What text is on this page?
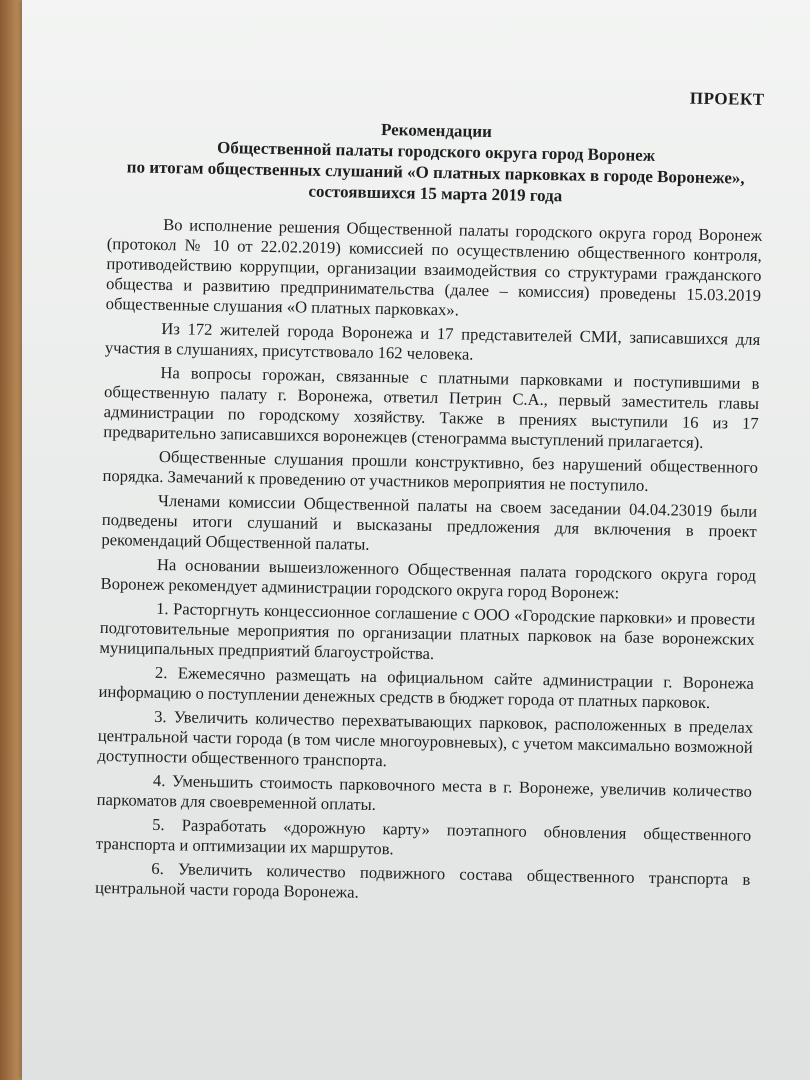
ПРОЕКТ
Рекомендации
Общественной палаты городского округа город Воронеж
по итогам общественных слушаний «О платных парковках в городе Воронеже», состоявшихся 15 марта 2019 года

Во исполнение решения Общественной палаты городского округа город Воронеж (протокол № 10 от 22.02.2019) комиссией по осуществлению общественного контроля, противодействию коррупции, организации взаимодействия со структурами гражданского общества и развитию предпринимательства (далее – комиссия) проведены 15.03.2019 общественные слушания «О платных парковках».

Из 172 жителей города Воронежа и 17 представителей СМИ, записавшихся для участия в слушаниях, присутствовало 162 человека.

На вопросы горожан, связанные с платными парковками и поступившими в общественную палату г. Воронежа, ответил Петрин С.А., первый заместитель главы администрации по городскому хозяйству. Также в прениях выступили 16 из 17 предварительно записавшихся воронежцев (стенограмма выступлений прилагается).

Общественные слушания прошли конструктивно, без нарушений общественного порядка. Замечаний к проведению от участников мероприятия не поступило.

Членами комиссии Общественной палаты на своем заседании 04.04.23019 были подведены итоги слушаний и высказаны предложения для включения в проект рекомендаций Общественной палаты.

На основании вышеизложенного Общественная палата городского округа город Воронеж рекомендует администрации городского округа город Воронеж:

1. Расторгнуть концессионное соглашение с ООО «Городские парковки» и провести подготовительные мероприятия по организации платных парковок на базе воронежских муниципальных предприятий благоустройства.

2. Ежемесячно размещать на официальном сайте администрации г. Воронежа информацию о поступлении денежных средств в бюджет города от платных парковок.

3. Увеличить количество перехватывающих парковок, расположенных в пределах центральной части города (в том числе многоуровневых), с учетом максимально возможной доступности общественного транспорта.

4. Уменьшить стоимость парковочного места в г. Воронеже, увеличив количество паркоматов для своевременной оплаты.

5. Разработать «дорожную карту» поэтапного обновления общественного транспорта и оптимизации их маршрутов.

6. Увеличить количество подвижного состава общественного транспорта в центральной части города Воронежа.
